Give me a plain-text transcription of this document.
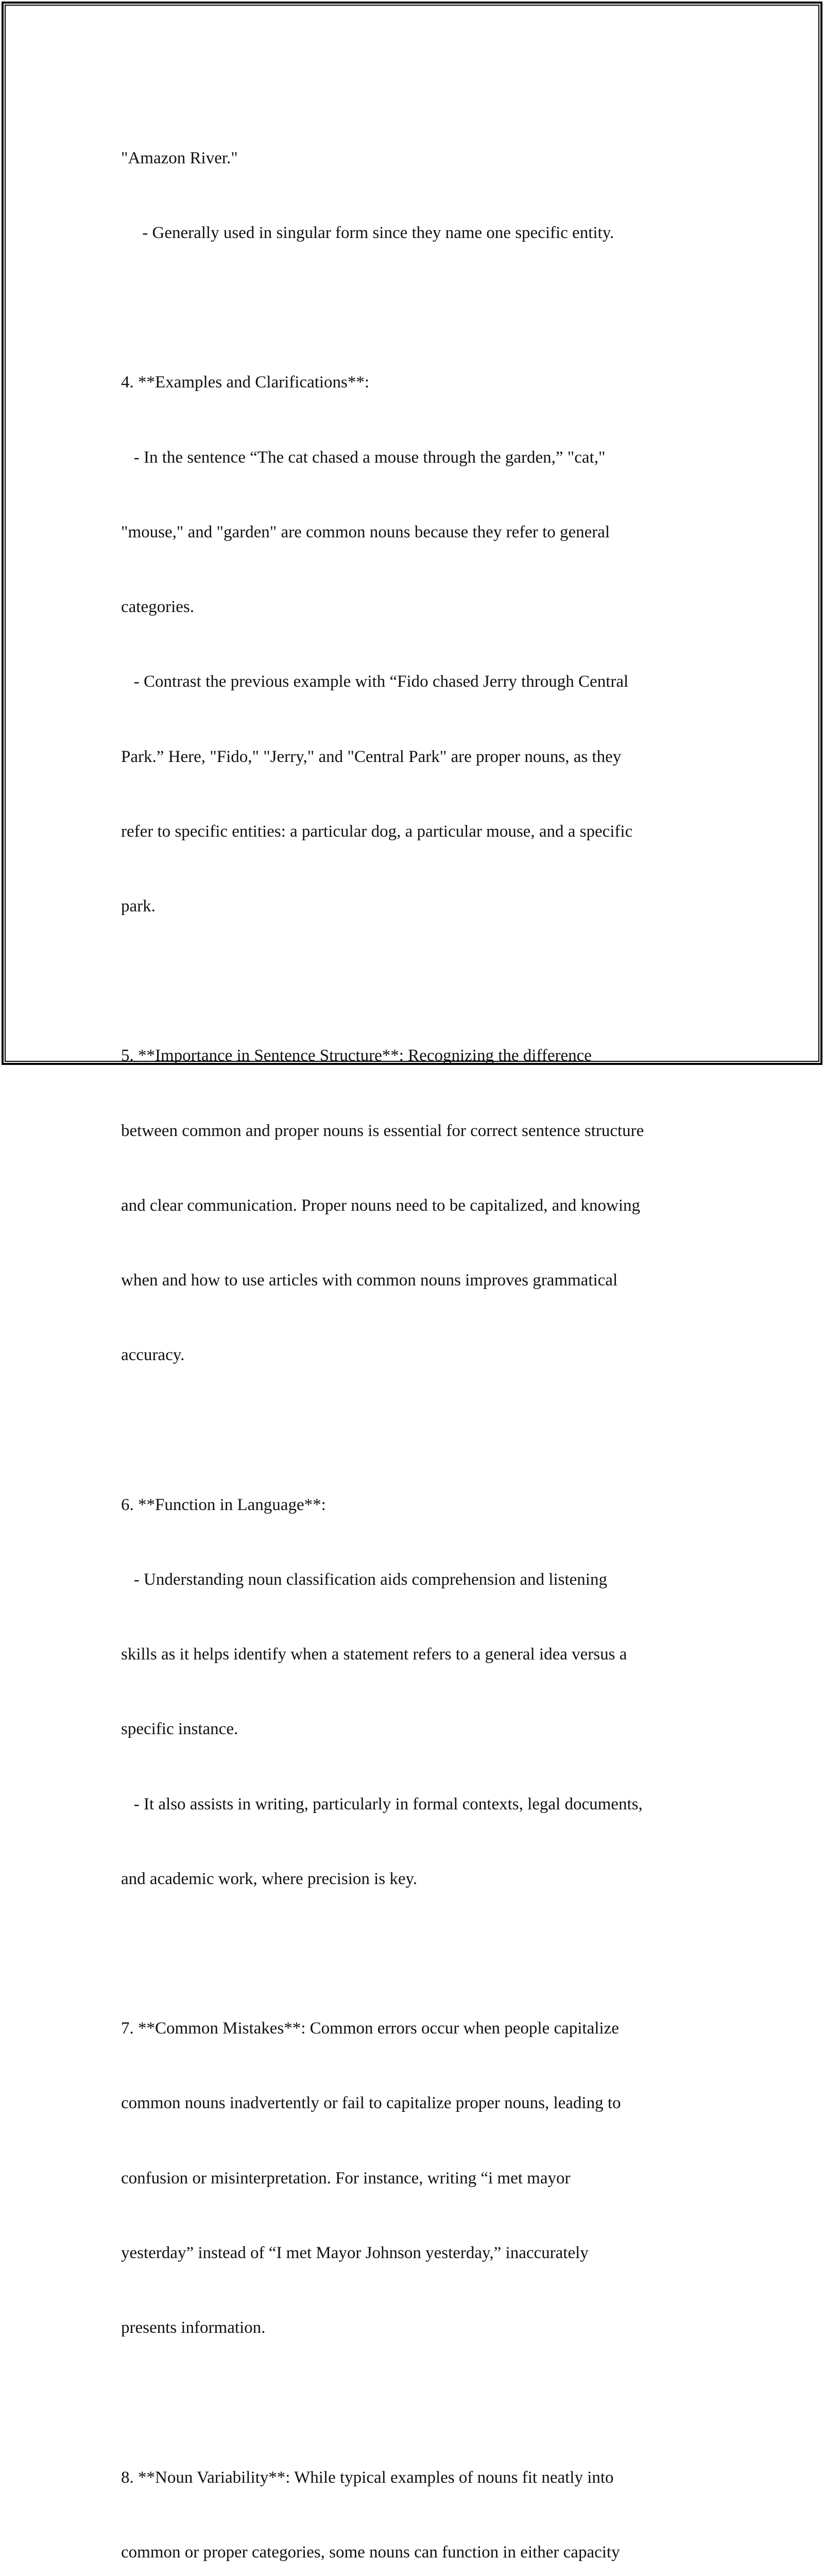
"Amazon River."

- Generally used in singular form since they name one specific entity.

4. **Examples and Clarifications**:

- In the sentence “The cat chased a mouse through the garden,” "cat,"

"mouse," and "garden" are common nouns because they refer to general

categories.

- Contrast the previous example with “Fido chased Jerry through Central

Park.” Here, "Fido," "Jerry," and "Central Park" are proper nouns, as they

refer to specific entities: a particular dog, a particular mouse, and a specific

park.

5. **Importance in Sentence Structure**: Recognizing the difference

between common and proper nouns is essential for correct sentence structure

and clear communication. Proper nouns need to be capitalized, and knowing

when and how to use articles with common nouns improves grammatical

accuracy.

6. **Function in Language**:

- Understanding noun classification aids comprehension and listening

skills as it helps identify when a statement refers to a general idea versus a

specific instance.

- It also assists in writing, particularly in formal contexts, legal documents,

and academic work, where precision is key.

7. **Common Mistakes**: Common errors occur when people capitalize

common nouns inadvertently or fail to capitalize proper nouns, leading to

confusion or misinterpretation. For instance, writing “i met mayor

yesterday” instead of “I met Mayor Johnson yesterday,” inaccurately

presents information.

8. **Noun Variability**: While typical examples of nouns fit neatly into

common or proper categories, some nouns can function in either capacity
